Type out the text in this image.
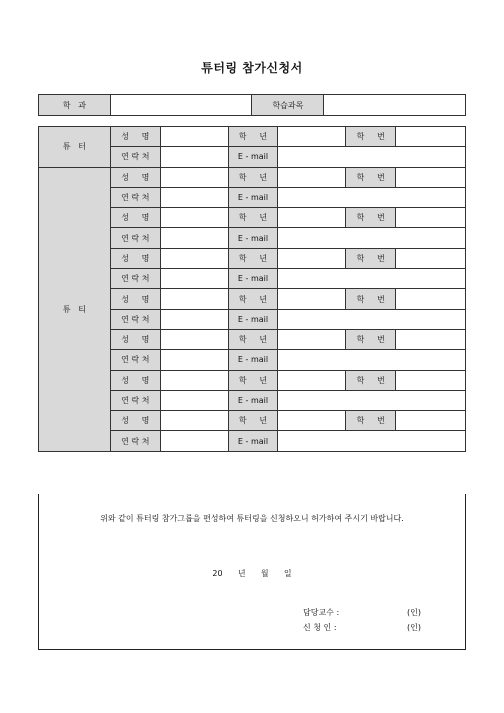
튜터링 참가신청서
학   과		학습과목	
튜   터	성     명		학     년		학     번	
	연 락 처		E - mail			
튜   티	성     명		학     년		학     번	
	연 락 처		E - mail			
	성     명		학     년		학     번	
	연 락 처		E - mail			
	성     명		학     년		학     번	
	연 락 처		E - mail			
	성     명		학     년		학     번	
	연 락 처		E - mail			
	성     명		학     년		학     번	
	연 락 처		E - mail			
	성     명		학     년		학     번	
	연 락 처		E - mail			
	성     명		학     년		학     번	
	연 락 처		E - mail			
위와 같이 튜터링 참가그룹을 편성하여 튜터링을 신청하오니 허가하여 주시기 바랍니다.
20      년      월      일
담당교수 :	(인)
신 청 인 :	(인)
